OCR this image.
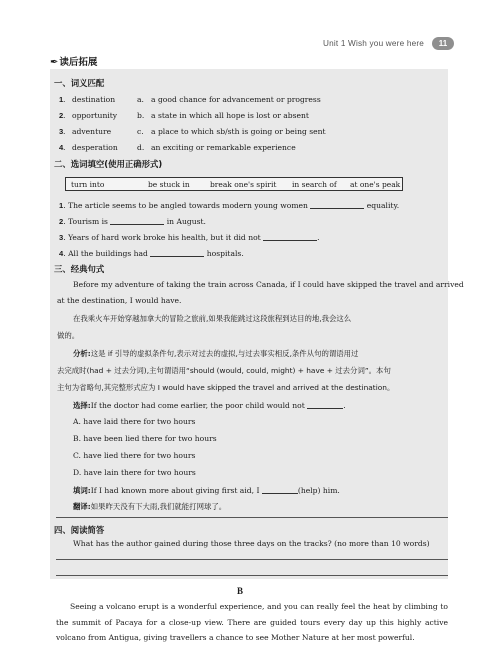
Unit 1 Wish you were here	11
✒读后拓展
一、词义匹配
1 . destination	a. a good chance for advancement or progress
2 . opportunity	b. a state in which all hope is lost or absent
3 . adventure	c. a place to which sb/sth is going or being sent
4 . desperation	d. an exciting or remarkable experience
二、选词填空(使用正确形式)
turn into	be stuck in	break one's spirit in search of at one's peak
1. The article seems to be angled towards modern young women	equality.
2. Tourism is	in August.
3. Years of hard work broke his health, but it did not	.
4. All the buildings had	hospitals.
三、经典句式
Before my adventure of taking the train across Canada, if I could have skipped the travel and arrived
at the destination, I would have.
在我乘火车开始穿越加拿大的冒险之旅前,如果我能跳过这段旅程到达目的地,我会这么
做的。
分析:这是 if 引导的虚拟条件句,表示对过去的虚拟,与过去事实相反,条件从句的谓语用过
去完成时(had + 过去分词),主句谓语用“should (would, could, might) + have + 过去分词”。本句
主句为省略句,其完整形式应为 I would have skipped the travel and arrived at the destination。
选择:If the doctor had come earlier, the poor child would not	.
A. have laid there for two hours
B. have been lied there for two hours
C. have lied there for two hours
D. have lain there for two hours
填词:If I had known more about giving first aid, I	(help) him.
翻译:如果昨天没有下大雨,我们就能打网球了。
四、阅读简答
What has the author gained during those three days on the tracks? (no more than 10 words)
B
Seeing a volcano erupt is a wonderful experience, and you can really feel the heat by climbing to the summit of Pacaya for a close-up view. There are guided tours every day up this highly active volcano from Antigua, giving travellers a chance to see Mother Nature at her most powerful.
